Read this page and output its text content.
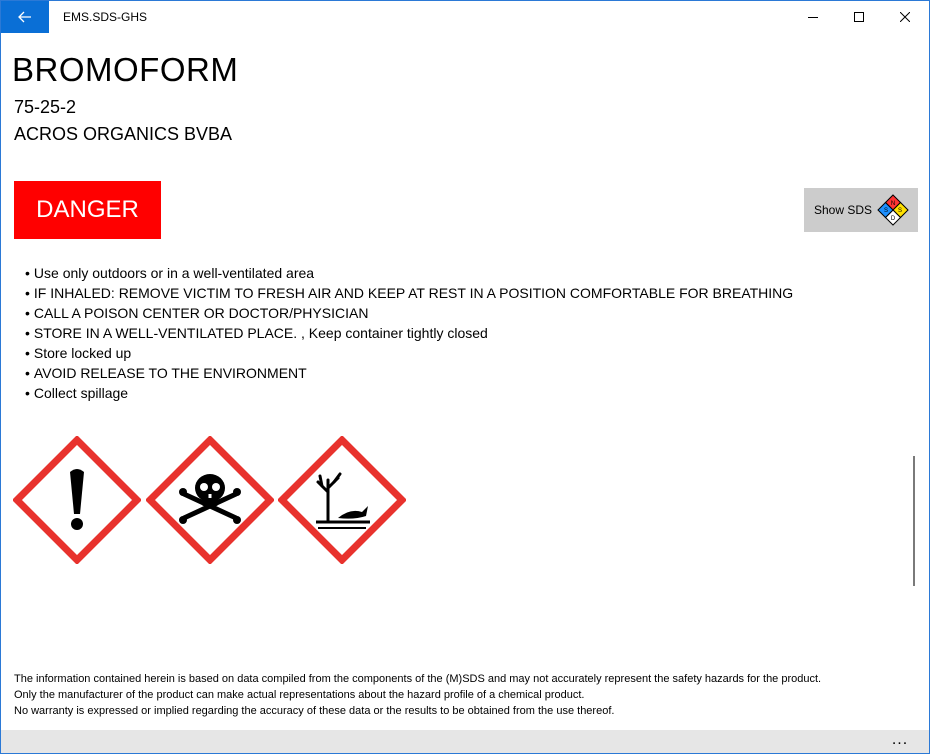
EMS.SDS-GHS
BROMOFORM
75-25-2
ACROS ORGANICS BVBA
DANGER	Show SDS	N
S S
D
• Use only outdoors or in a well-ventilated area
• IF INHALED: REMOVE VICTIM TO FRESH AIR AND KEEP AT REST IN A POSITION COMFORTABLE FOR BREATHING
• CALL A POISON CENTER OR DOCTOR/PHYSICIAN
• STORE IN A WELL-VENTILATED PLACE. , Keep container tightly closed
• Store locked up
• AVOID RELEASE TO THE ENVIRONMENT
• Collect spillage
The information contained herein is based on data compiled from the components of the (M)SDS and may not accurately represent the safety hazards for the product.
Only the manufacturer of the product can make actual representations about the hazard profile of a chemical product.
No warranty is expressed or implied regarding the accuracy of these data or the results to be obtained from the use thereof.
...
